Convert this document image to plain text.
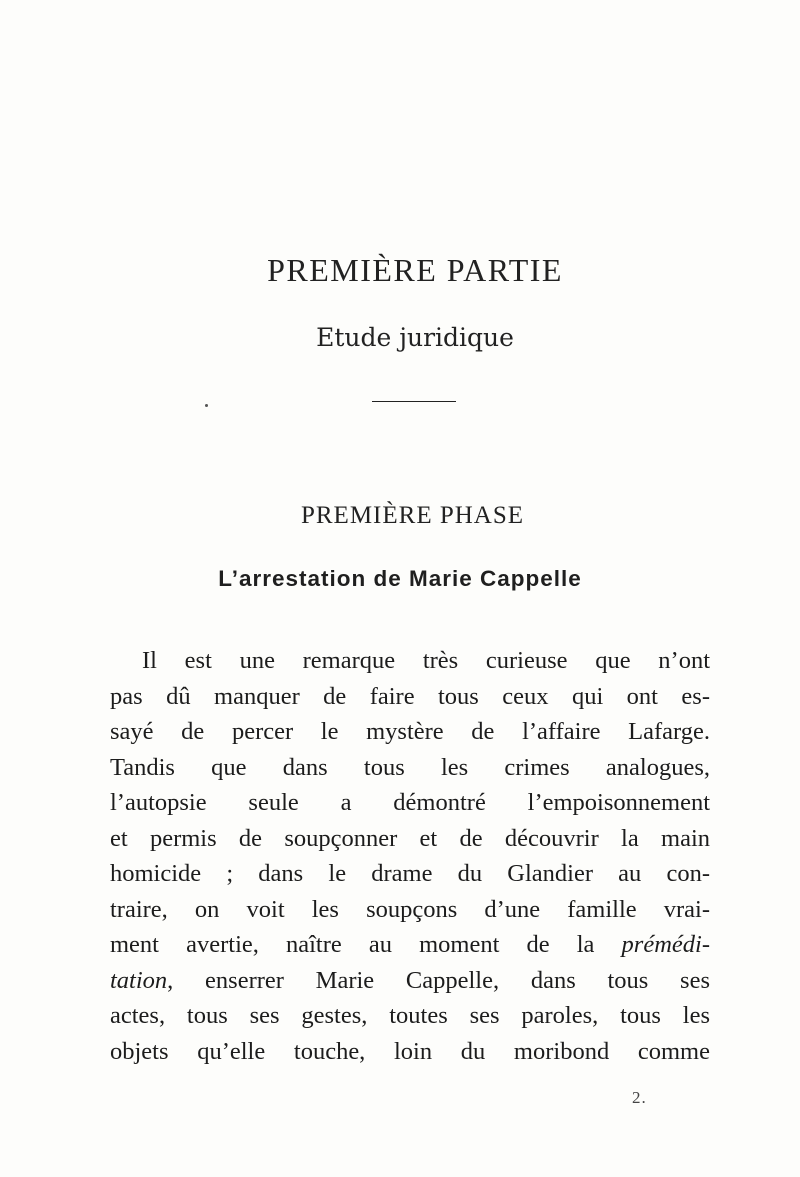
PREMIÈRE PARTIE
Etude juridique
PREMIÈRE PHASE
L’arrestation de Marie Cappelle
Il est une remarque très curieuse que n’ont
pas dû manquer de faire tous ceux qui ont es-
sayé de percer le mystère de l’affaire Lafarge.
Tandis que dans tous les crimes analogues,
l’autopsie seule a démontré l’empoisonnement
et permis de soupçonner et de découvrir la main
homicide ; dans le drame du Glandier au con-
traire, on voit les soupçons d’une famille vrai-
ment avertie, naître au moment de la prémédi-
tation, enserrer Marie Cappelle, dans tous ses
actes, tous ses gestes, toutes ses paroles, tous les
objets qu’elle touche, loin du moribond comme
2.
